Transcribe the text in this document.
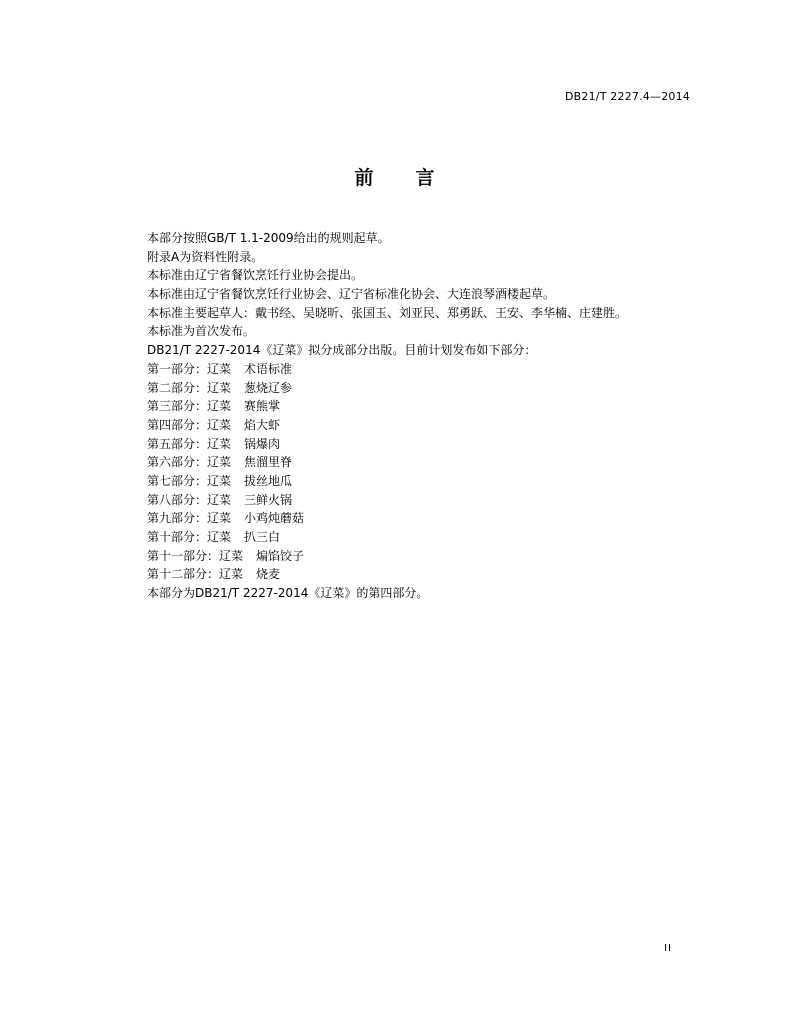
DB21/T 2227.4—2014
前 言
本部分按照GB/T 1.1-2009给出的规则起草。
附录A为资料性附录。
本标准由辽宁省餐饮烹饪行业协会提出。
本标准由辽宁省餐饮烹饪行业协会、辽宁省标准化协会、大连浪琴酒楼起草。
本标准主要起草人：戴书经、吴晓昕、张国玉、刘亚民、郑勇跃、王安、李华楠、庄建胜。
本标准为首次发布。
DB21/T 2227-2014《辽菜》拟分成部分出版。目前计划发布如下部分：
第一部分：辽菜 术语标准
第二部分：辽菜 葱烧辽参
第三部分：辽菜 赛熊掌
第四部分：辽菜 焰大虾
第五部分：辽菜 锅爆肉
第六部分：辽菜 焦溜里脊
第七部分：辽菜 拔丝地瓜
第八部分：辽菜 三鲜火锅
第九部分：辽菜 小鸡炖蘑菇
第十部分：辽菜 扒三白
第十一部分：辽菜 煸馅饺子
第十二部分：辽菜 烧麦
本部分为DB21/T 2227-2014《辽菜》的第四部分。
II
